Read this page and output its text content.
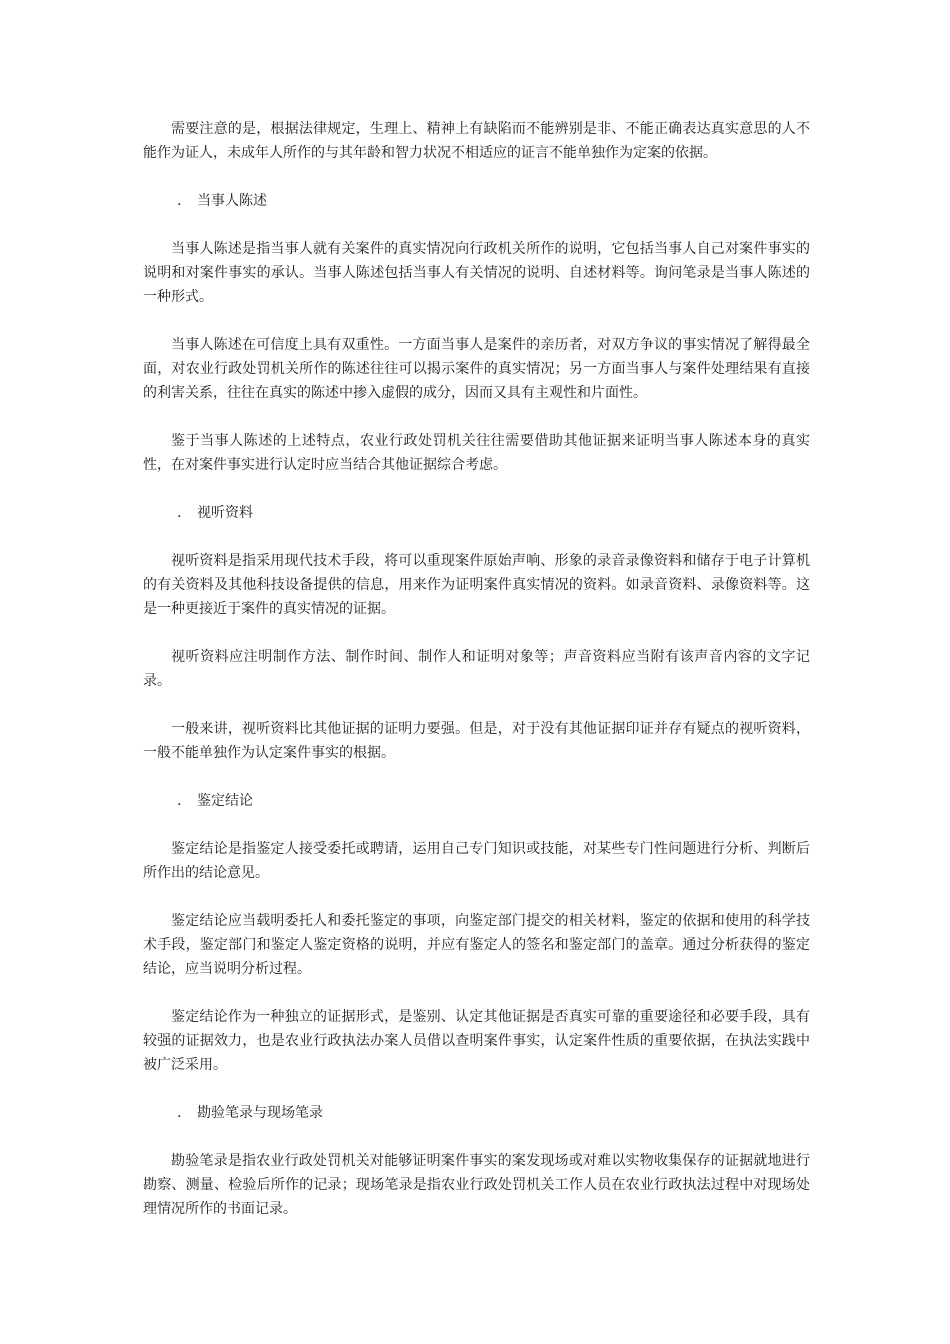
需要注意的是，根据法律规定，生理上、精神上有缺陷而不能辨别是非、不能正确表达真实意思的人不能作为证人，未成年人所作的与其年龄和智力状况不相适应的证言不能单独作为定案的依据。

. 当事人陈述

当事人陈述是指当事人就有关案件的真实情况向行政机关所作的说明，它包括当事人自己对案件事实的说明和对案件事实的承认。当事人陈述包括当事人有关情况的说明、自述材料等。询问笔录是当事人陈述的一种形式。

当事人陈述在可信度上具有双重性。一方面当事人是案件的亲历者，对双方争议的事实情况了解得最全面，对农业行政处罚机关所作的陈述往往可以揭示案件的真实情况；另一方面当事人与案件处理结果有直接的利害关系，往往在真实的陈述中掺入虚假的成分，因而又具有主观性和片面性。

鉴于当事人陈述的上述特点，农业行政处罚机关往往需要借助其他证据来证明当事人陈述本身的真实性，在对案件事实进行认定时应当结合其他证据综合考虑。

. 视听资料

视听资料是指采用现代技术手段，将可以重现案件原始声响、形象的录音录像资料和储存于电子计算机的有关资料及其他科技设备提供的信息，用来作为证明案件真实情况的资料。如录音资料、录像资料等。这是一种更接近于案件的真实情况的证据。

视听资料应注明制作方法、制作时间、制作人和证明对象等；声音资料应当附有该声音内容的文字记录。

一般来讲，视听资料比其他证据的证明力要强。但是，对于没有其他证据印证并存有疑点的视听资料，一般不能单独作为认定案件事实的根据。

. 鉴定结论

鉴定结论是指鉴定人接受委托或聘请，运用自己专门知识或技能，对某些专门性问题进行分析、判断后所作出的结论意见。

鉴定结论应当载明委托人和委托鉴定的事项，向鉴定部门提交的相关材料，鉴定的依据和使用的科学技术手段，鉴定部门和鉴定人鉴定资格的说明，并应有鉴定人的签名和鉴定部门的盖章。通过分析获得的鉴定结论，应当说明分析过程。

鉴定结论作为一种独立的证据形式，是鉴别、认定其他证据是否真实可靠的重要途径和必要手段，具有较强的证据效力，也是农业行政执法办案人员借以查明案件事实，认定案件性质的重要依据，在执法实践中被广泛采用。

. 勘验笔录与现场笔录

勘验笔录是指农业行政处罚机关对能够证明案件事实的案发现场或对难以实物收集保存的证据就地进行勘察、测量、检验后所作的记录；现场笔录是指农业行政处罚机关工作人员在农业行政执法过程中对现场处理情况所作的书面记录。
